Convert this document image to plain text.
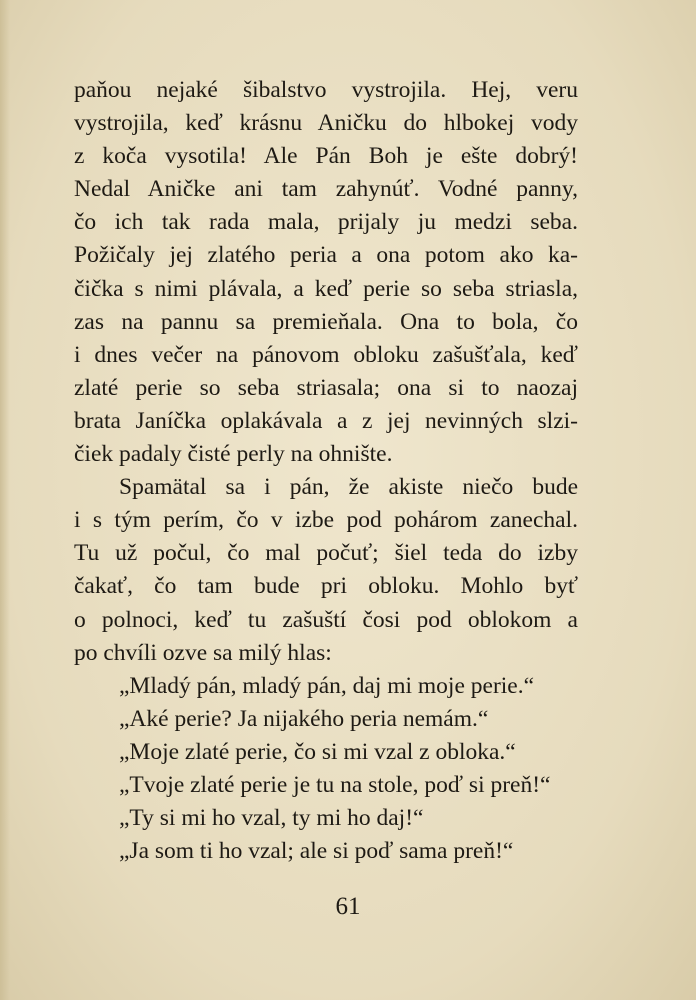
paňou nejaké šibalstvo vystrojila. Hej, veru
vystrojila, keď krásnu Aničku do hlbokej vody
z koča vysotila! Ale Pán Boh je ešte dobrý!
Nedal Aničke ani tam zahynúť. Vodné panny,
čo ich tak rada mala, prijaly ju medzi seba.
Požičaly jej zlatého peria a ona potom ako ka-
čička s nimi plávala, a keď perie so seba striasla,
zas na pannu sa premieňala. Ona to bola, čo
i dnes večer na pánovom obloku zašušťala, keď
zlaté perie so seba striasala; ona si to naozaj
brata Janíčka oplakávala a z jej nevinných slzi-
čiek padaly čisté perly na ohnište.
Spamätal sa i pán, že akiste niečo bude
i s tým perím, čo v izbe pod pohárom zanechal.
Tu už počul, čo mal počuť; šiel teda do izby
čakať, čo tam bude pri obloku. Mohlo byť
o polnoci, keď tu zašuští čosi pod oblokom a
po chvíli ozve sa milý hlas:
„Mladý pán, mladý pán, daj mi moje perie.“
„Aké perie? Ja nijakého peria nemám.“
„Moje zlaté perie, čo si mi vzal z obloka.“
„Tvoje zlaté perie je tu na stole, poď si preň!“
„Ty si mi ho vzal, ty mi ho daj!“
„Ja som ti ho vzal; ale si poď sama preň!“
61
